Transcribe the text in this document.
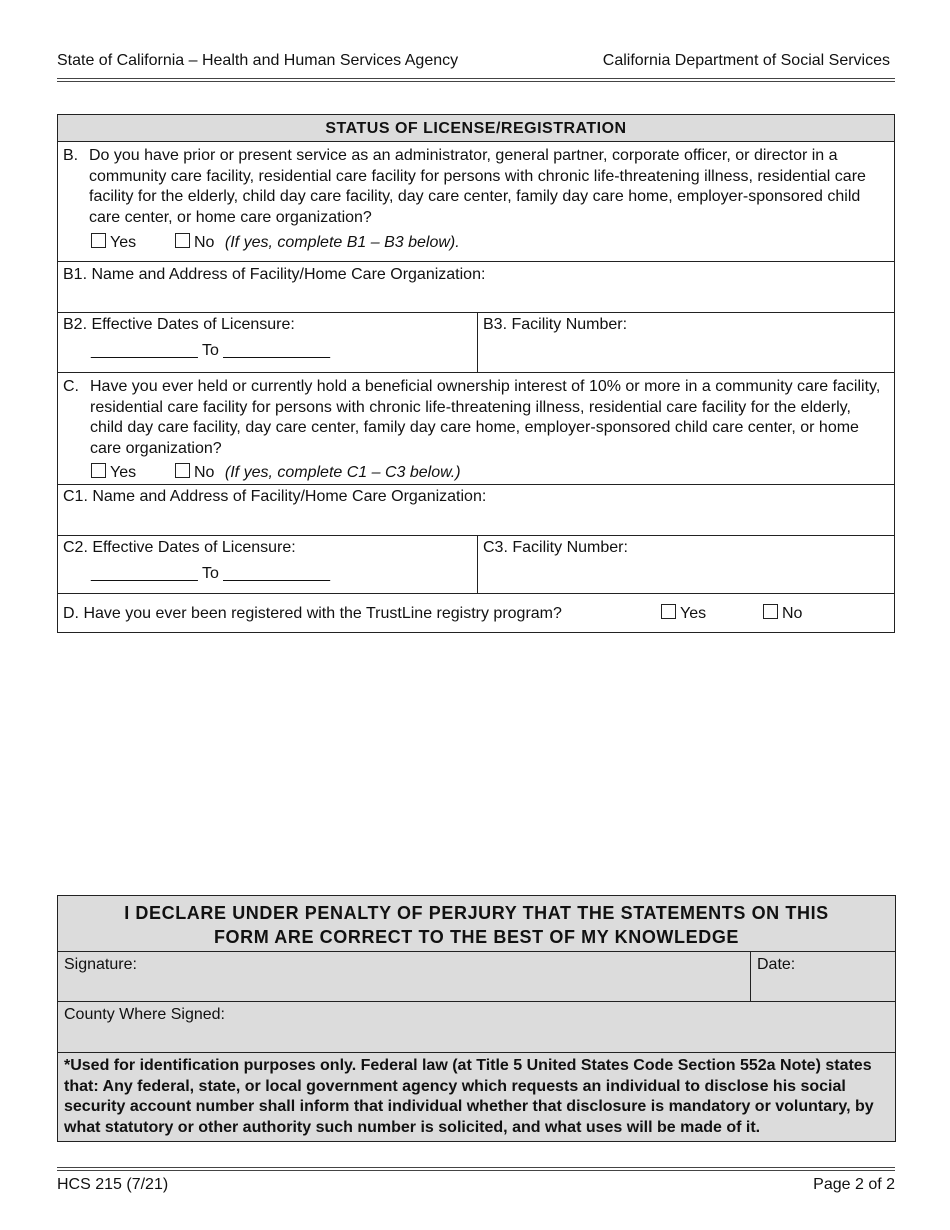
State of California – Health and Human Services Agency	California Department of Social Services
STATUS OF LICENSE/REGISTRATION
B. Do you have prior or present service as an administrator, general partner, corporate officer, or director in a community care facility, residential care facility for persons with chronic life-threatening illness, residential care facility for the elderly, child day care facility, day care center, family day care home, employer-sponsored child care center, or home care organization?
Yes	No (If yes, complete B1 – B3 below).
B1. Name and Address of Facility/Home Care Organization:
B2. Effective Dates of Licensure:
____________ To ____________
B3. Facility Number:
C. Have you ever held or currently hold a beneficial ownership interest of 10% or more in a community care facility, residential care facility for persons with chronic life-threatening illness, residential care facility for the elderly, child day care facility, day care center, family day care home, employer-sponsored child care center, or home care organization?
Yes	No (If yes, complete C1 – C3 below.)
C1. Name and Address of Facility/Home Care Organization:
C2. Effective Dates of Licensure:
____________ To ____________
C3. Facility Number:
D. Have you ever been registered with the TrustLine registry program?	Yes	No
I DECLARE UNDER PENALTY OF PERJURY THAT THE STATEMENTS ON THIS
FORM ARE CORRECT TO THE BEST OF MY KNOWLEDGE
Signature:	Date:
County Where Signed:
*Used for identification purposes only. Federal law (at Title 5 United States Code Section 552a Note) states that: Any federal, state, or local government agency which requests an individual to disclose his social security account number shall inform that individual whether that disclosure is mandatory or voluntary, by what statutory or other authority such number is solicited, and what uses will be made of it.
HCS 215 (7/21)	Page 2 of 2
